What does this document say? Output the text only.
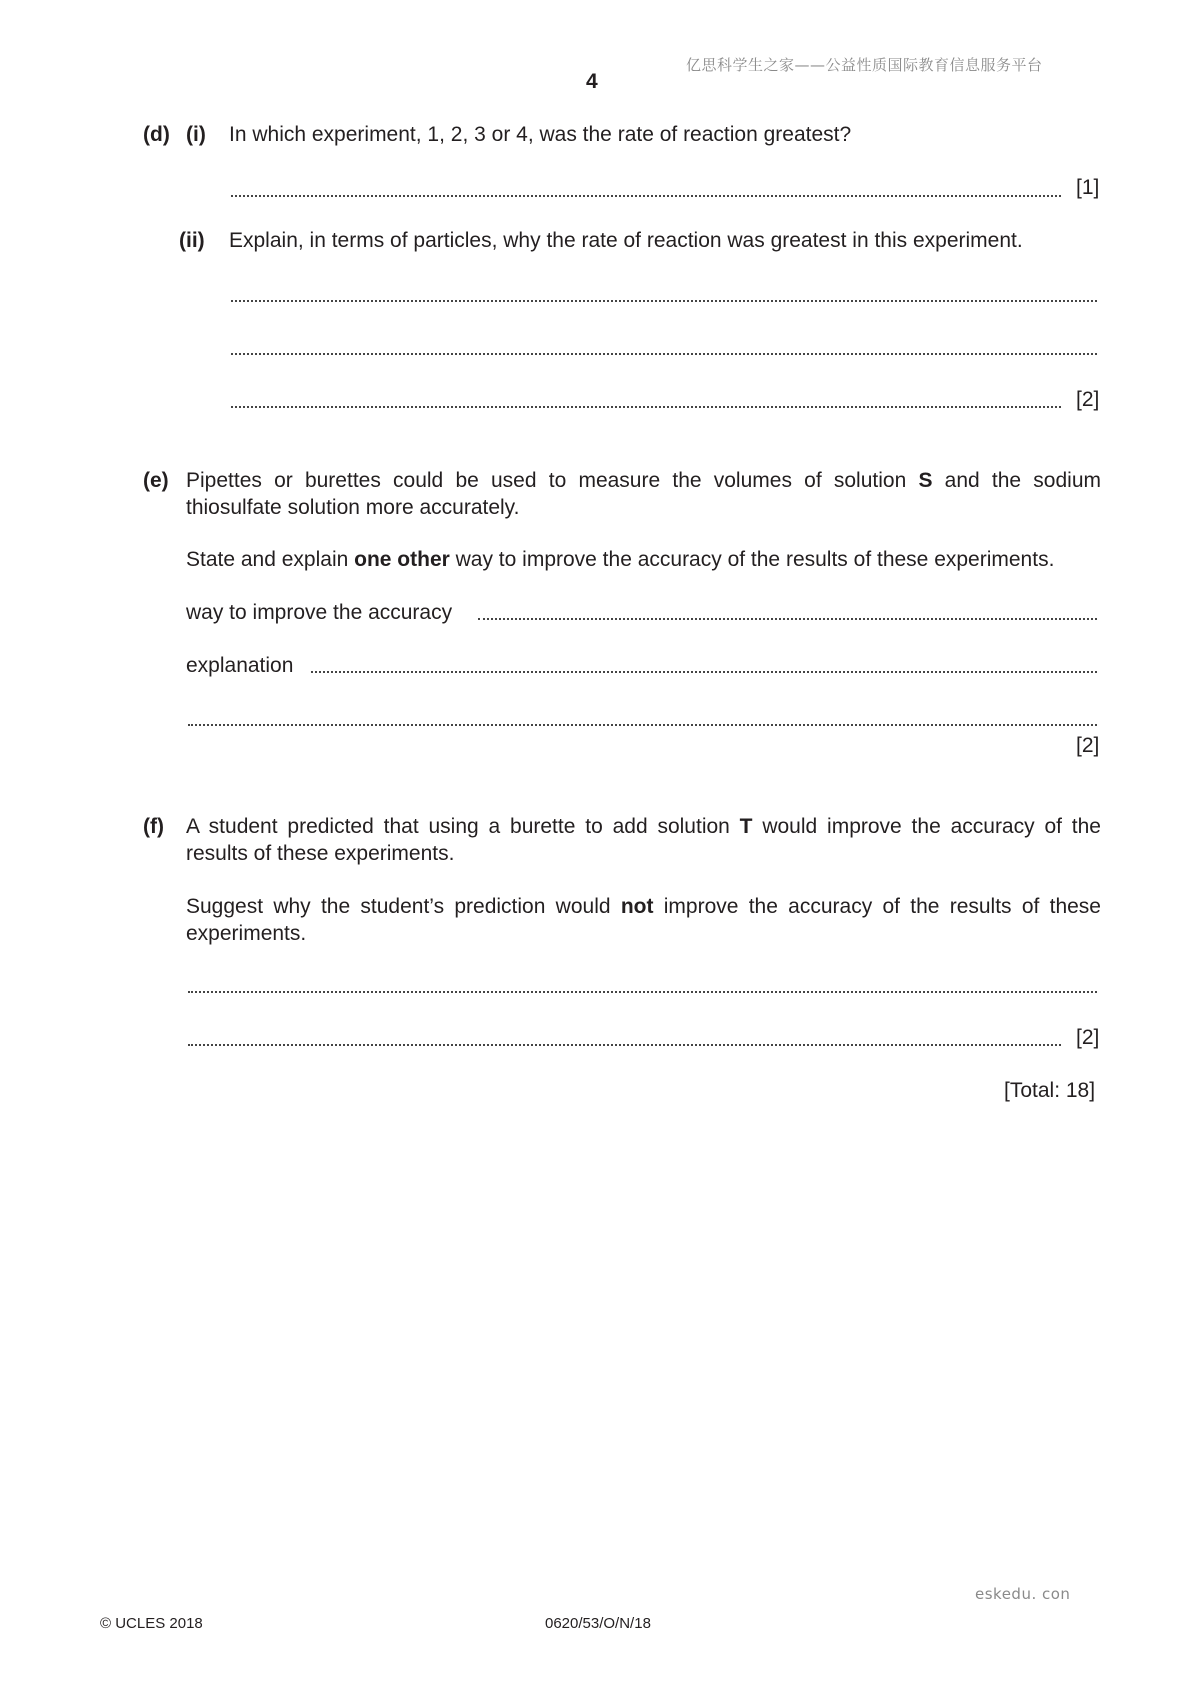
亿思科学生之家——公益性质国际教育信息服务平台
4
(d) (i) In which experiment, 1, 2, 3 or 4, was the rate of reaction greatest?
[1]
(ii) Explain, in terms of particles, why the rate of reaction was greatest in this experiment.
[2]
(e) Pipettes or burettes could be used to measure the volumes of solution S and the sodium thiosulfate solution more accurately.
State and explain one other way to improve the accuracy of the results of these experiments.
way to improve the accuracy
explanation
[2]
(f) A student predicted that using a burette to add solution T would improve the accuracy of the results of these experiments.
Suggest why the student’s prediction would not improve the accuracy of the results of these experiments.
[2]
[Total: 18]
eskedu. con
© UCLES 2018	0620/53/O/N/18
